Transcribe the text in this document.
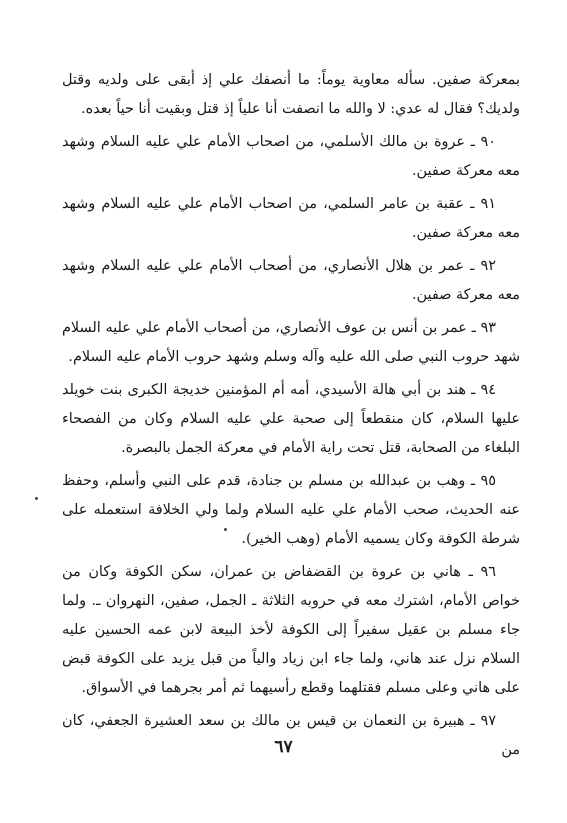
بمعركة صفين. سأله معاوية يوماً: ما أنصفك علي إذ أبقى على ولديه وقتل ولديك؟ فقال له عدي: لا والله ما انصفت أنا علياً إذ قتل وبقيت أنا حياً بعده.

٩٠ ـ عروة بن مالك الأسلمي، من اصحاب الأمام علي عليه السلام وشهد معه معركة صفين.

٩١ ـ عقبة بن عامر السلمي، من اصحاب الأمام علي عليه السلام وشهد معه معركة صفين.

٩٢ ـ عمر بن هلال الأنصاري، من أصحاب الأمام علي عليه السلام وشهد معه معركة صفين.

٩٣ ـ عمر بن أنس بن عوف الأنصاري، من أصحاب الأمام علي عليه السلام شهد حروب النبي صلى الله عليه وآله وسلم وشهد حروب الأمام عليه السلام.

٩٤ ـ هند بن أبي هالة الأسيدي، أمه أم المؤمنين خديجة الكبرى بنت خويلد عليها السلام، كان منقطعاً إلى صحبة علي عليه السلام وكان من الفصحاء البلغاء من الصحابة، قتل تحت راية الأمام في معركة الجمل بالبصرة.

٩٥ ـ وهب بن عبدالله بن مسلم بن جنادة، قدم على النبي وأسلم، وحفظ عنه الحديث، صحب الأمام علي عليه السلام ولما ولي الخلافة استعمله على شرطة الكوفة وكان يسميه الأمام (وهب الخير).

٩٦ ـ هاني بن عروة بن القضفاض بن عمران، سكن الكوفة وكان من خواص الأمام، اشترك معه في حروبه الثلاثة ـ الجمل، صفين، النهروان ـ. ولما جاء مسلم بن عقيل سفيراً إلى الكوفة لأخذ البيعة لابن عمه الحسين عليه السلام نزل عند هاني، ولما جاء ابن زياد والياً من قبل يزيد على الكوفة قبض على هاني وعلى مسلم فقتلهما وقطع رأسيهما ثم أمر بجرهما في الأسواق.

٩٧ ـ هبيرة بن النعمان بن قيس بن مالك بن سعد العشيرة الجعفي، كان من

٦٧
